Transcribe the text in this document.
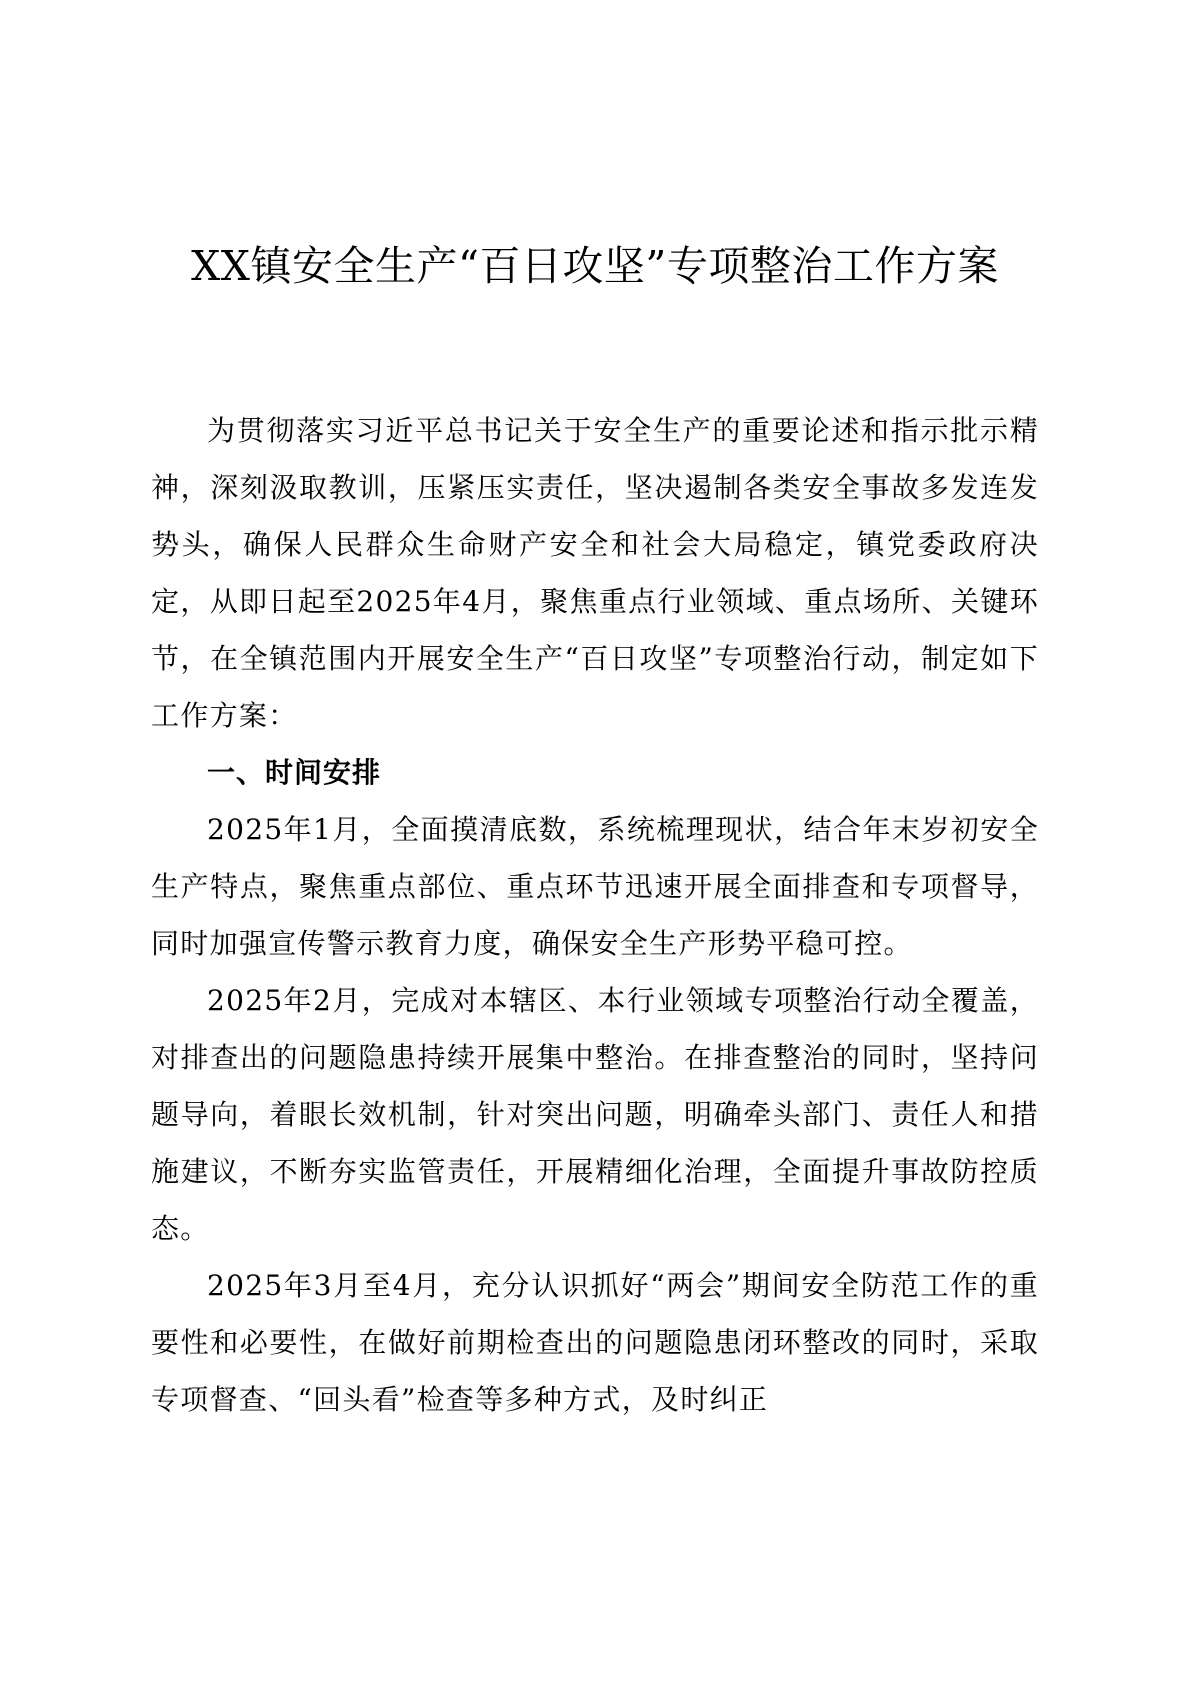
XX镇安全生产“百日攻坚”专项整治工作方案

为贯彻落实习近平总书记关于安全生产的重要论述和指示批示精神，深刻汲取教训，压紧压实责任，坚决遏制各类安全事故多发连发势头，确保人民群众生命财产安全和社会大局稳定，镇党委政府决定，从即日起至2025年4月，聚焦重点行业领域、重点场所、关键环节，在全镇范围内开展安全生产“百日攻坚”专项整治行动，制定如下工作方案：

一、时间安排

2025年1月，全面摸清底数，系统梳理现状，结合年末岁初安全生产特点，聚焦重点部位、重点环节迅速开展全面排查和专项督导，同时加强宣传警示教育力度，确保安全生产形势平稳可控。

2025年2月，完成对本辖区、本行业领域专项整治行动全覆盖，对排查出的问题隐患持续开展集中整治。在排查整治的同时，坚持问题导向，着眼长效机制，针对突出问题，明确牵头部门、责任人和措施建议，不断夯实监管责任，开展精细化治理，全面提升事故防控质态。

2025年3月至4月，充分认识抓好“两会”期间安全防范工作的重要性和必要性，在做好前期检查出的问题隐患闭环整改的同时，采取专项督查、“回头看”检查等多种方式，及时纠正
